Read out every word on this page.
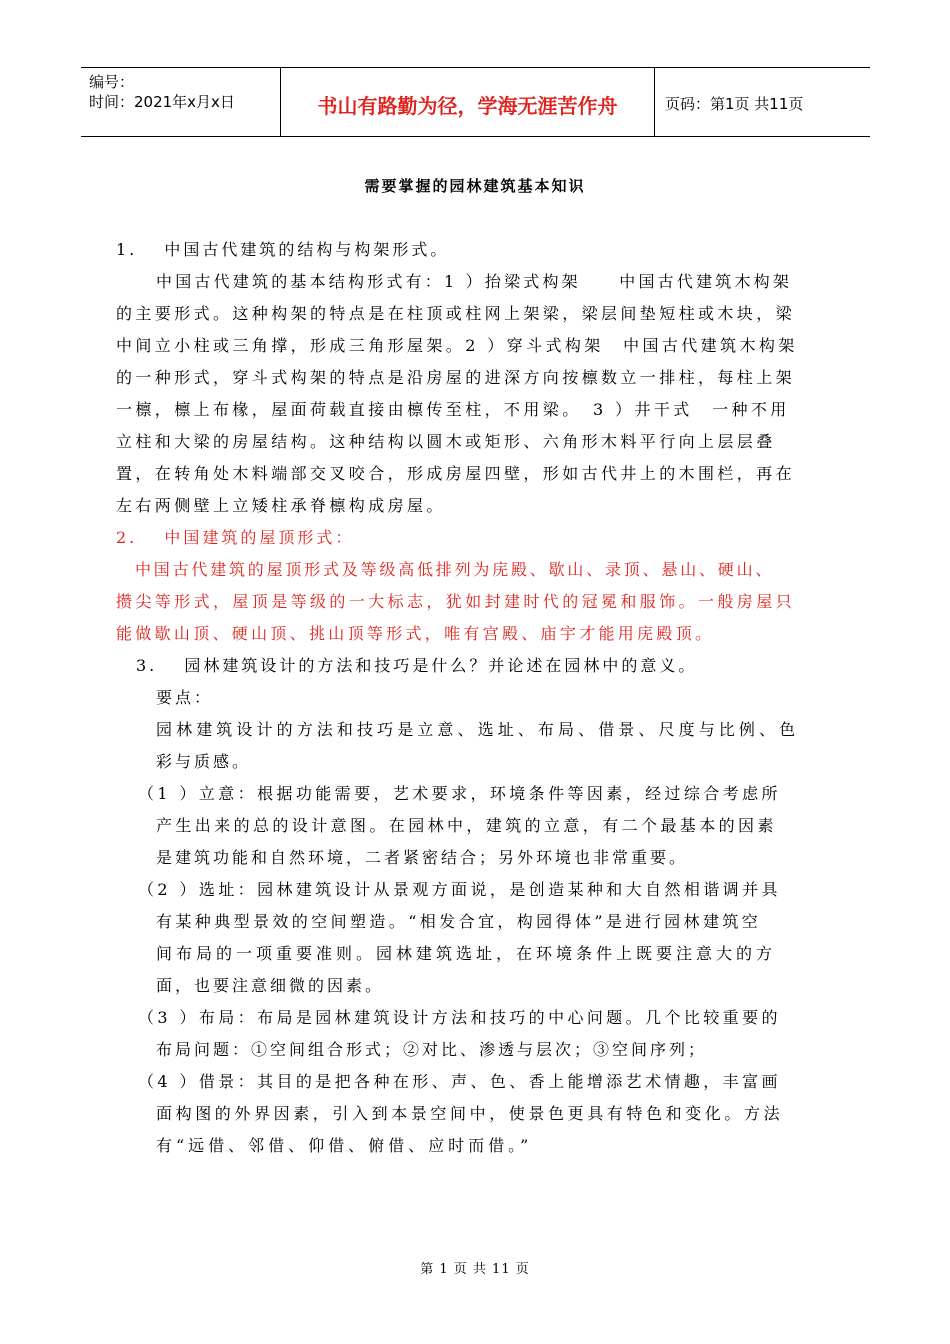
编号：
时间：2021年x月x日	书山有路勤为径，学海无涯苦作舟	页码：第1页 共11页
需要掌握的园林建筑基本知识
1.　 中国古代建筑的结构与构架形式。
中国古代建筑的基本结构形式有：1 ）抬梁式构架　　中国古代建筑木构架
的主要形式。这种构架的特点是在柱顶或柱网上架梁，梁层间垫短柱或木块，梁
中间立小柱或三角撑，形成三角形屋架。2 ）穿斗式构架　中国古代建筑木构架
的一种形式，穿斗式构架的特点是沿房屋的进深方向按檩数立一排柱，每柱上架
一檩，檩上布椽，屋面荷载直接由檩传至柱，不用梁。　3 ）井干式　一种不用
立柱和大梁的房屋结构。这种结构以圆木或矩形、六角形木料平行向上层层叠
置，在转角处木料端部交叉咬合，形成房屋四壁，形如古代井上的木围栏，再在
左右两侧壁上立矮柱承脊檩构成房屋。
2.　 中国建筑的屋顶形式：
中国古代建筑的屋顶形式及等级高低排列为庑殿、歇山、录顶、悬山、硬山、
攒尖等形式，屋顶是等级的一大标志，犹如封建时代的冠冕和服饰。一般房屋只
能做歇山顶、硬山顶、挑山顶等形式，唯有宫殿、庙宇才能用庑殿顶。
3.　 园林建筑设计的方法和技巧是什么？并论述在园林中的意义。
要点：
园林建筑设计的方法和技巧是立意、选址、布局、借景、尺度与比例、色
彩与质感。
（1 ）立意：根据功能需要，艺术要求，环境条件等因素，经过综合考虑所
产生出来的总的设计意图。在园林中，建筑的立意，有二个最基本的因素
是建筑功能和自然环境，二者紧密结合；另外环境也非常重要。
（2 ）选址：园林建筑设计从景观方面说，是创造某种和大自然相谐调并具
有某种典型景效的空间塑造。“相发合宜，构园得体”是进行园林建筑空
间布局的一项重要准则。园林建筑选址，在环境条件上既要注意大的方
面，也要注意细微的因素。
（3 ）布局：布局是园林建筑设计方法和技巧的中心问题。几个比较重要的
布局问题：①空间组合形式；②对比、渗透与层次；③空间序列；
（4 ）借景：其目的是把各种在形、声、色、香上能增添艺术情趣，丰富画
面构图的外界因素，引入到本景空间中，使景色更具有特色和变化。方法
有“远借、邻借、仰借、俯借、应时而借。”
第 1 页 共 11 页
